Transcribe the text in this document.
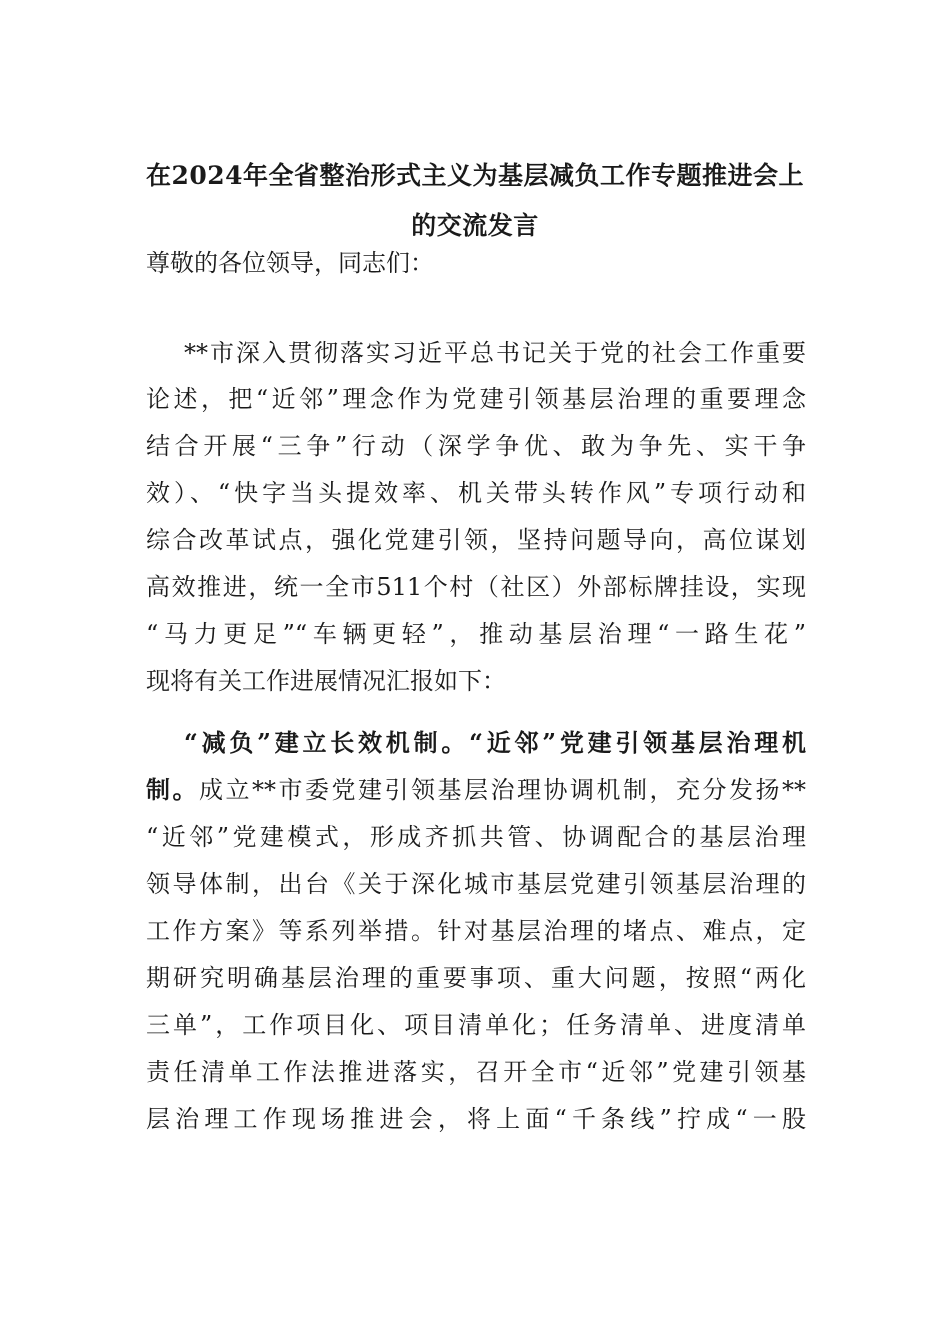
在2024年全省整治形式主义为基层减负工作专题推进会上
的交流发言

尊敬的各位领导，同志们：

**市深入贯彻落实习近平总书记关于党的社会工作重要

论述，把“近邻”理念作为党建引领基层治理的重要理念

结合开展“三争”行动（深学争优、敢为争先、实干争

效）、“快字当头提效率、机关带头转作风”专项行动和

综合改革试点，强化党建引领，坚持问题导向，高位谋划

高效推进，统一全市511个村（社区）外部标牌挂设，实现

“马力更足”“车辆更轻”，推动基层治理“一路生花”

现将有关工作进展情况汇报如下：

“减负”建立长效机制。“近邻”党建引领基层治理机

制。成立**市委党建引领基层治理协调机制，充分发扬**

“近邻”党建模式，形成齐抓共管、协调配合的基层治理

领导体制，出台《关于深化城市基层党建引领基层治理的

工作方案》等系列举措。针对基层治理的堵点、难点，定

期研究明确基层治理的重要事项、重大问题，按照“两化

三单”，工作项目化、项目清单化；任务清单、进度清单

责任清单工作法推进落实，召开全市“近邻”党建引领基

层治理工作现场推进会，将上面“千条线”拧成“一股
